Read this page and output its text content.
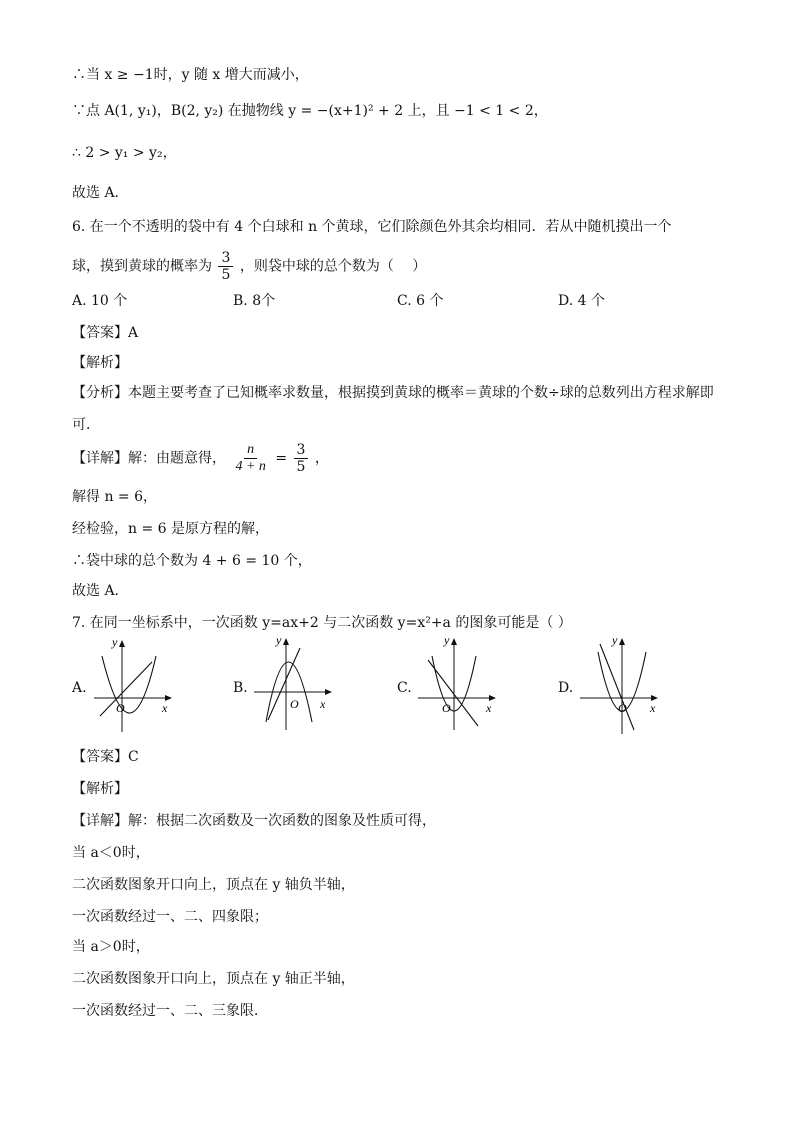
∴当 x ≥ −1时，y 随 x 增大而减小，
∵点 A(1, y₁)，B(2, y₂) 在抛物线 y = −(x+1)² + 2 上，且 −1 < 1 < 2，
∴ 2 > y₁ > y₂，
故选 A．
6. 在一个不透明的袋中有 4 个白球和 n 个黄球，它们除颜色外其余均相同．若从中随机摸出一个
球，摸到黄球的概率为 $\frac{3}{5}$ ，则袋中球的总个数为（　 ）
A. 10 个	B. 8个	C. 6 个	D. 4 个
【答案】A
【解析】
【分析】本题主要考查了已知概率求数量，根据摸到黄球的概率＝黄球的个数÷球的总数列出方程求解即
可．
【详解】解：由题意得， $\frac{n}{4 + n} = \frac{3}{5}$ ，
解得 n = 6，
经检验，n = 6 是原方程的解，
∴袋中球的总个数为 4 + 6 = 10 个，
故选 A．
7. 在同一坐标系中，一次函数 y=ax+2 与二次函数 y=x²+a 的图象可能是（ ）
A.
y
x
O
B.
y
x
O
C.
y
x
O
D.
y
x
O
【答案】C
【解析】
【详解】解：根据二次函数及一次函数的图象及性质可得，
当 a＜0时，
二次函数图象开口向上，顶点在 y 轴负半轴，
一次函数经过一、二、四象限；
当 a＞0时，
二次函数图象开口向上，顶点在 y 轴正半轴，
一次函数经过一、二、三象限．
